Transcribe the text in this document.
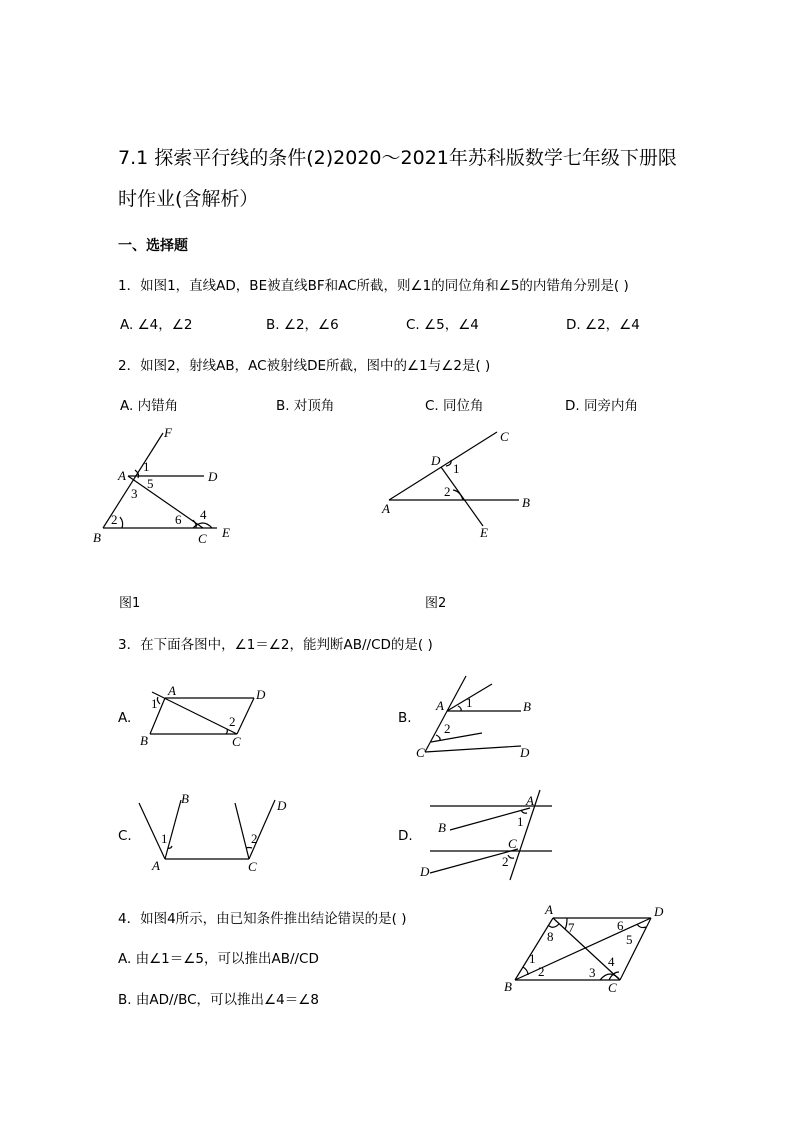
7.1 探索平行线的条件(2)2020～2021年苏科版数学七年级下册限
时作业(含解析）
一、选择题
1．如图1，直线AD，BE被直线BF和AC所截，则∠1的同位角和∠5的内错角分别是( )
A. ∠4，∠2	B. ∠2，∠6	C. ∠5，∠4	D. ∠2，∠4
2．如图2，射线AB，AC被射线DE所截，图中的∠1与∠2是( )
A. 内错角	B. 对顶角	C. 同位角	D. 同旁内角
F
A	D
B	C E
1
5
3
2	6 4
C
D
A	B
E
1
2
图1	图2
3．在下面各图中，∠1＝∠2，能判断AB//CD的是( )
A.	B.
C.	D.
A	D
B	C
1
2
A	B
C	D
1
2
B
A
D
C
1	2
A
B
C
D
1
2
4．如图4所示，由已知条件推出结论错误的是( )
A. 由∠1＝∠5，可以推出AB//CD
B. 由AD//BC，可以推出∠4＝∠8
A	D
B	C
1
2	3
4
5
6
7
8
